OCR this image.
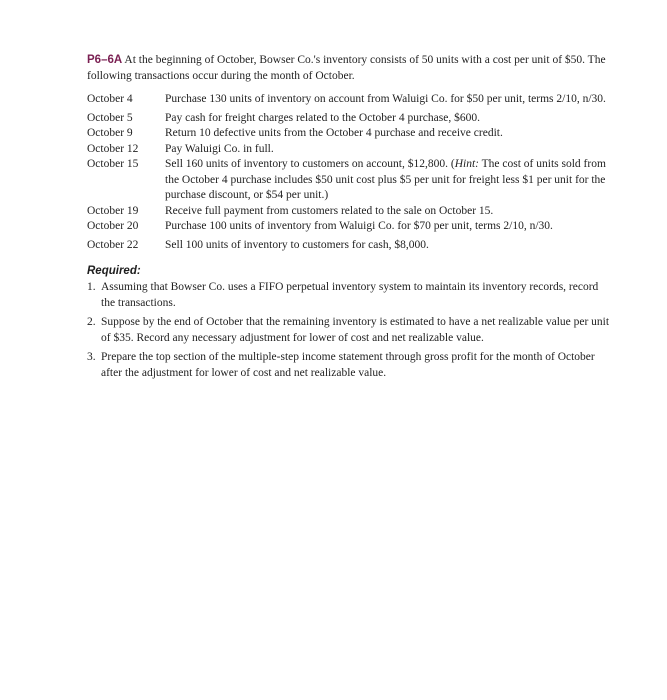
P6–6A At the beginning of October, Bowser Co.'s inventory consists of 50 units with a cost per unit of $50. The following transactions occur during the month of October.

October 4	Purchase 130 units of inventory on account from Waluigi Co. for $50 per unit, terms 2/10, n/30.
October 5	Pay cash for freight charges related to the October 4 purchase, $600.
October 9	Return 10 defective units from the October 4 purchase and receive credit.
October 12	Pay Waluigi Co. in full.
October 15	Sell 160 units of inventory to customers on account, $12,800. (Hint: The cost of units sold from the October 4 purchase includes $50 unit cost plus $5 per unit for freight less $1 per unit for the purchase discount, or $54 per unit.)
October 19	Receive full payment from customers related to the sale on October 15.
October 20	Purchase 100 units of inventory from Waluigi Co. for $70 per unit, terms 2/10, n/30.
October 22	Sell 100 units of inventory to customers for cash, $8,000.
Required:
1. Assuming that Bowser Co. uses a FIFO perpetual inventory system to maintain its inventory records, record the transactions.
2. Suppose by the end of October that the remaining inventory is estimated to have a net realizable value per unit of $35. Record any necessary adjustment for lower of cost and net realizable value.
3. Prepare the top section of the multiple-step income statement through gross profit for the month of October after the adjustment for lower of cost and net realizable value.
